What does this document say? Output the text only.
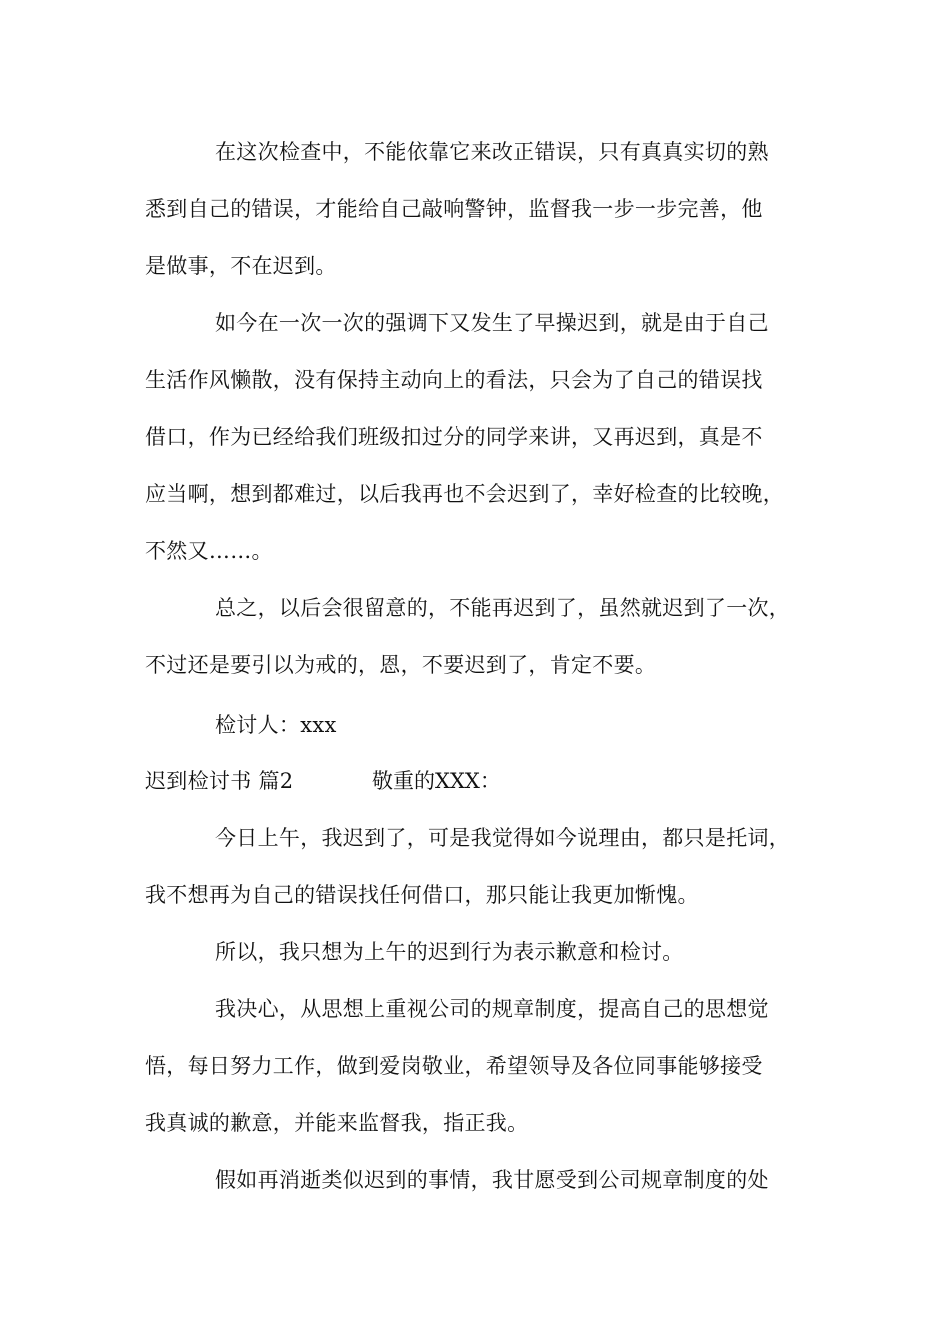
在这次检查中，不能依靠它来改正错误，只有真真实切的熟
悉到自己的错误，才能给自己敲响警钟，监督我一步一步完善，他
是做事，不在迟到。
如今在一次一次的强调下又发生了早操迟到，就是由于自己
生活作风懒散，没有保持主动向上的看法，只会为了自己的错误找
借口，作为已经给我们班级扣过分的同学来讲，又再迟到，真是不
应当啊，想到都难过，以后我再也不会迟到了，幸好检查的比较晚，
不然又……。
总之，以后会很留意的，不能再迟到了，虽然就迟到了一次，
不过还是要引以为戒的，恩，不要迟到了，肯定不要。
检讨人：xxx
迟到检讨书 篇2	敬重的XXX：
今日上午，我迟到了，可是我觉得如今说理由，都只是托词，
我不想再为自己的错误找任何借口，那只能让我更加惭愧。
所以，我只想为上午的迟到行为表示歉意和检讨。
我决心，从思想上重视公司的规章制度，提高自己的思想觉
悟，每日努力工作，做到爱岗敬业，希望领导及各位同事能够接受
我真诚的歉意，并能来监督我，指正我。
假如再消逝类似迟到的事情，我甘愿受到公司规章制度的处
